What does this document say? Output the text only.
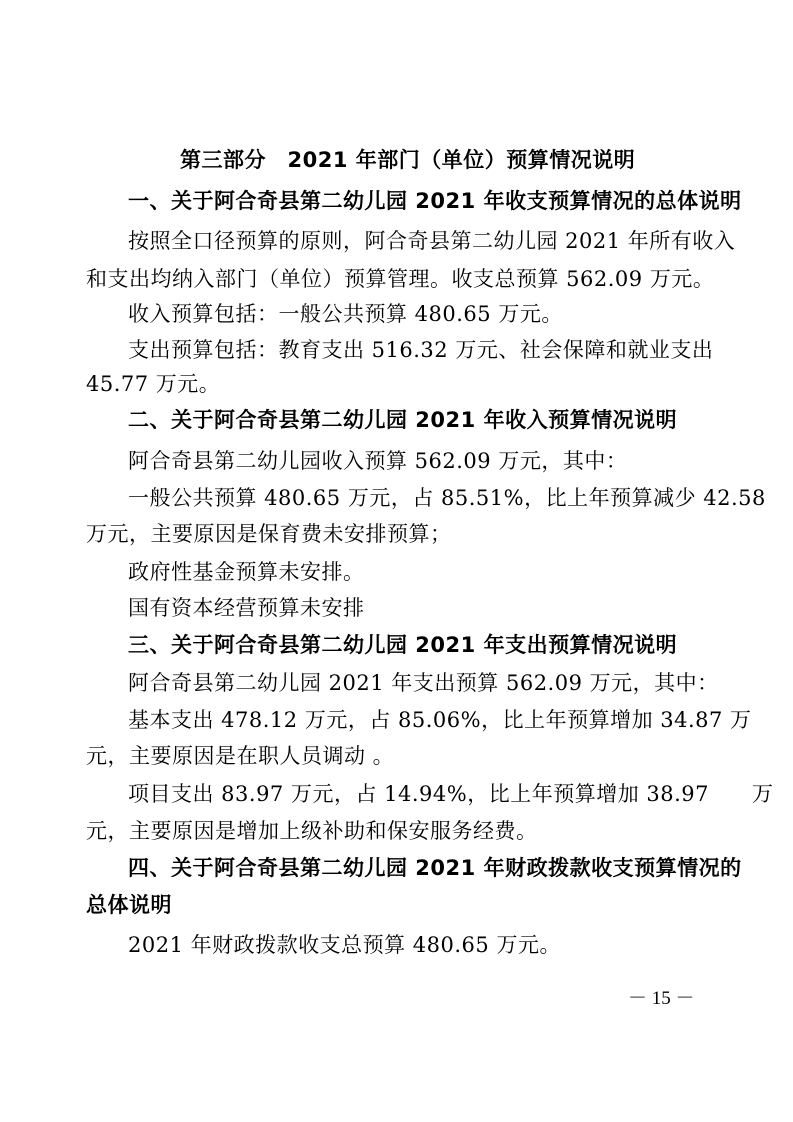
第三部分　2021 年部门（单位）预算情况说明
一、关于阿合奇县第二幼儿园 2021 年收支预算情况的总体说明
按照全口径预算的原则，阿合奇县第二幼儿园 2021 年所有收入
和支出均纳入部门（单位）预算管理。收支总预算 562.09 万元。
收入预算包括：一般公共预算 480.65 万元。
支出预算包括：教育支出 516.32 万元、社会保障和就业支出
45.77 万元。
二、关于阿合奇县第二幼儿园 2021 年收入预算情况说明
阿合奇县第二幼儿园收入预算 562.09 万元，其中：
一般公共预算 480.65 万元，占 85.51%，比上年预算减少 42.58
万元，主要原因是保育费未安排预算；
政府性基金预算未安排。
国有资本经营预算未安排
三、关于阿合奇县第二幼儿园 2021 年支出预算情况说明
阿合奇县第二幼儿园 2021 年支出预算 562.09 万元，其中：
基本支出 478.12 万元，占 85.06%，比上年预算增加 34.87 万
元，主要原因是在职人员调动 。
项目支出 83.97 万元，占 14.94%，比上年预算增加 38.97　　万
元，主要原因是增加上级补助和保安服务经费。
四、关于阿合奇县第二幼儿园 2021 年财政拨款收支预算情况的
总体说明
2021 年财政拨款收支总预算 480.65 万元。
－ 15 －
